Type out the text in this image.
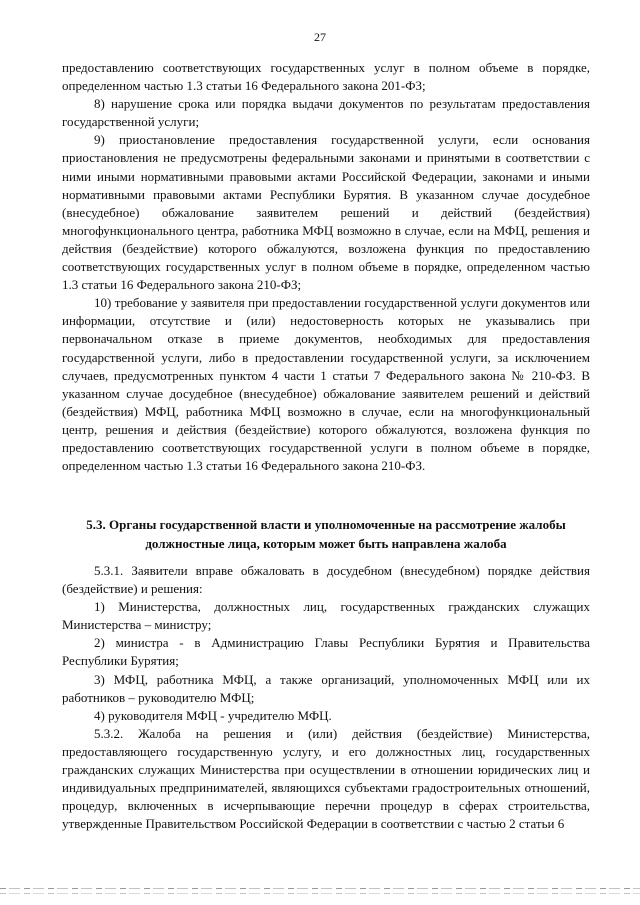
27

предоставлению соответствующих государственных услуг в полном объеме в порядке, определенном частью 1.3 статьи 16 Федерального закона 201-ФЗ;

8) нарушение срока или порядка выдачи документов по результатам предоставления государственной услуги;

9) приостановление предоставления государственной услуги, если основания приостановления не предусмотрены федеральными законами и принятыми в соответствии с ними иными нормативными правовыми актами Российской Федерации, законами и иными нормативными правовыми актами Республики Бурятия. В указанном случае досудебное (внесудебное) обжалование заявителем решений и действий (бездействия) многофункционального центра, работника МФЦ возможно в случае, если на МФЦ, решения и действия (бездействие) которого обжалуются, возложена функция по предоставлению соответствующих государственных услуг в полном объеме в порядке, определенном частью 1.3 статьи 16 Федерального закона 210-ФЗ;

10) требование у заявителя при предоставлении государственной услуги документов или информации, отсутствие и (или) недостоверность которых не указывались при первоначальном отказе в приеме документов, необходимых для предоставления государственной услуги, либо в предоставлении государственной услуги, за исключением случаев, предусмотренных пунктом 4 части 1 статьи 7 Федерального закона № 210-ФЗ. В указанном случае досудебное (внесудебное) обжалование заявителем решений и действий (бездействия) МФЦ, работника МФЦ возможно в случае, если на многофункциональный центр, решения и действия (бездействие) которого обжалуются, возложена функция по предоставлению соответствующих государственной услуги в полном объеме в порядке, определенном частью 1.3 статьи 16 Федерального закона 210-ФЗ.

5.3. Органы государственной власти и уполномоченные на рассмотрение жалобы должностные лица, которым может быть направлена жалоба

5.3.1. Заявители вправе обжаловать в досудебном (внесудебном) порядке действия (бездействие) и решения:

1) Министерства, должностных лиц, государственных гражданских служащих Министерства – министру;

2) министра - в Администрацию Главы Республики Бурятия и Правительства Республики Бурятия;

3) МФЦ, работника МФЦ, а также организаций, уполномоченных МФЦ или их работников – руководителю МФЦ;

4) руководителя МФЦ - учредителю МФЦ.

5.3.2. Жалоба на решения и (или) действия (бездействие) Министерства, предоставляющего государственную услугу, и его должностных лиц, государственных гражданских служащих Министерства при осуществлении в отношении юридических лиц и индивидуальных предпринимателей, являющихся субъектами градостроительных отношений, процедур, включенных в исчерпывающие перечни процедур в сферах строительства, утвержденные Правительством Российской Федерации в соответствии с частью 2 статьи 6
